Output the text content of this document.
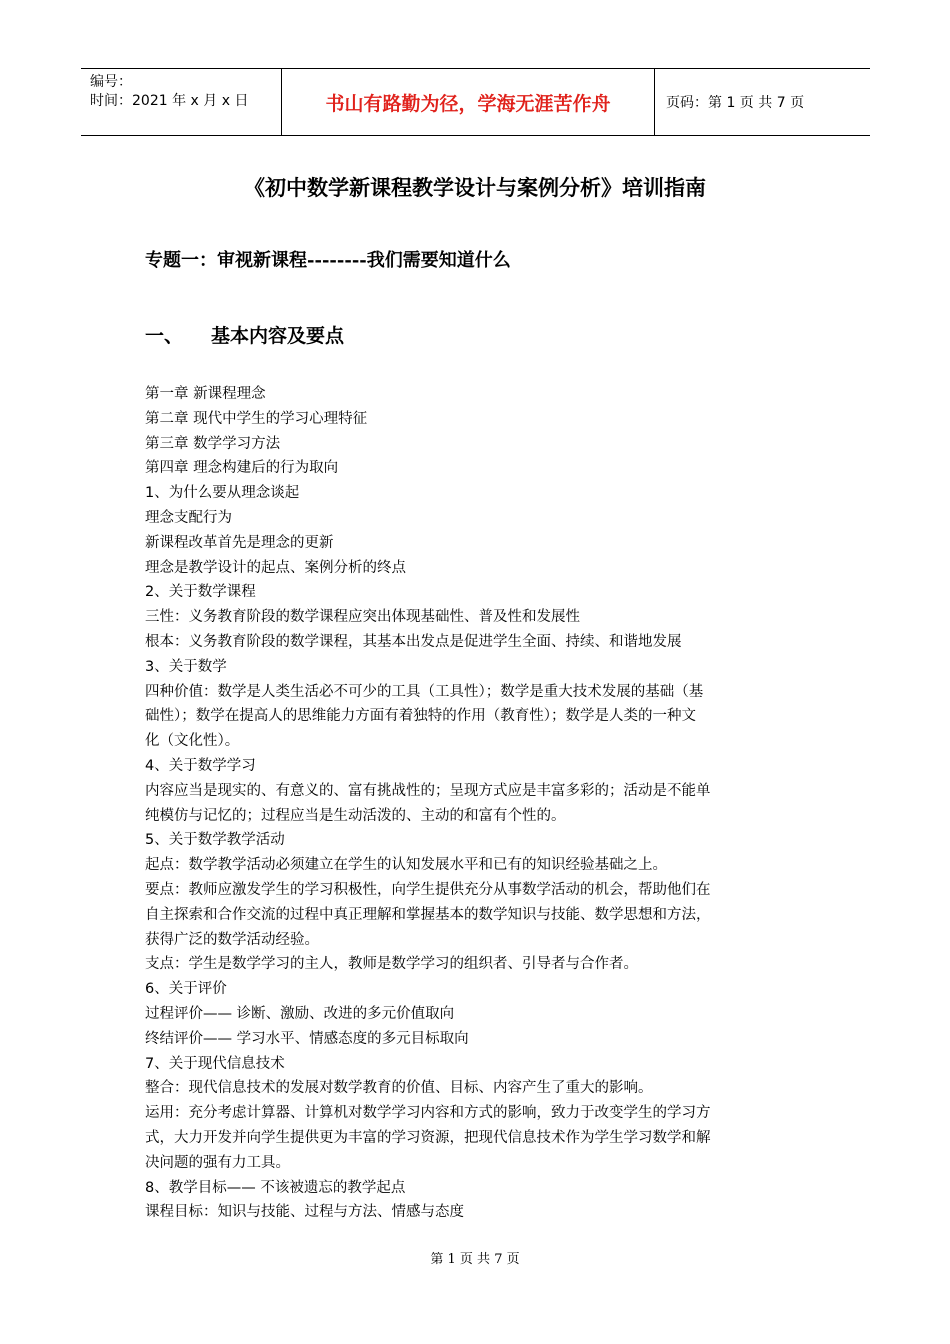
编号：
时间：2021 年 x 月 x 日	书山有路勤为径，学海无涯苦作舟	页码：第 1 页 共 7 页
《初中数学新课程教学设计与案例分析》培训指南
专题一：审视新课程--------我们需要知道什么
一、 基本内容及要点
第一章 新课程理念
第二章 现代中学生的学习心理特征
第三章 数学学习方法
第四章 理念构建后的行为取向
1、为什么要从理念谈起
理念支配行为
新课程改革首先是理念的更新
理念是教学设计的起点、案例分析的终点
2、关于数学课程
三性：义务教育阶段的数学课程应突出体现基础性、普及性和发展性
根本：义务教育阶段的数学课程，其基本出发点是促进学生全面、持续、和谐地发展
3、关于数学
四种价值：数学是人类生活必不可少的工具（工具性）；数学是重大技术发展的基础（基
础性）；数学在提高人的思维能力方面有着独特的作用（教育性）；数学是人类的一种文
化（文化性）。
4、关于数学学习
内容应当是现实的、有意义的、富有挑战性的；呈现方式应是丰富多彩的；活动是不能单
纯模仿与记忆的；过程应当是生动活泼的、主动的和富有个性的。
5、关于数学教学活动
起点：数学教学活动必须建立在学生的认知发展水平和已有的知识经验基础之上。
要点：教师应激发学生的学习积极性，向学生提供充分从事数学活动的机会，帮助他们在
自主探索和合作交流的过程中真正理解和掌握基本的数学知识与技能、数学思想和方法，
获得广泛的数学活动经验。
支点：学生是数学学习的主人，教师是数学学习的组织者、引导者与合作者。
6、关于评价
过程评价—— 诊断、激励、改进的多元价值取向
终结评价—— 学习水平、情感态度的多元目标取向
7、关于现代信息技术
整合：现代信息技术的发展对数学教育的价值、目标、内容产生了重大的影响。
运用：充分考虑计算器、计算机对数学学习内容和方式的影响，致力于改变学生的学习方
式，大力开发并向学生提供更为丰富的学习资源，把现代信息技术作为学生学习数学和解
决问题的强有力工具。
8、教学目标—— 不该被遗忘的教学起点
课程目标：知识与技能、过程与方法、情感与态度
第 1 页 共 7 页
